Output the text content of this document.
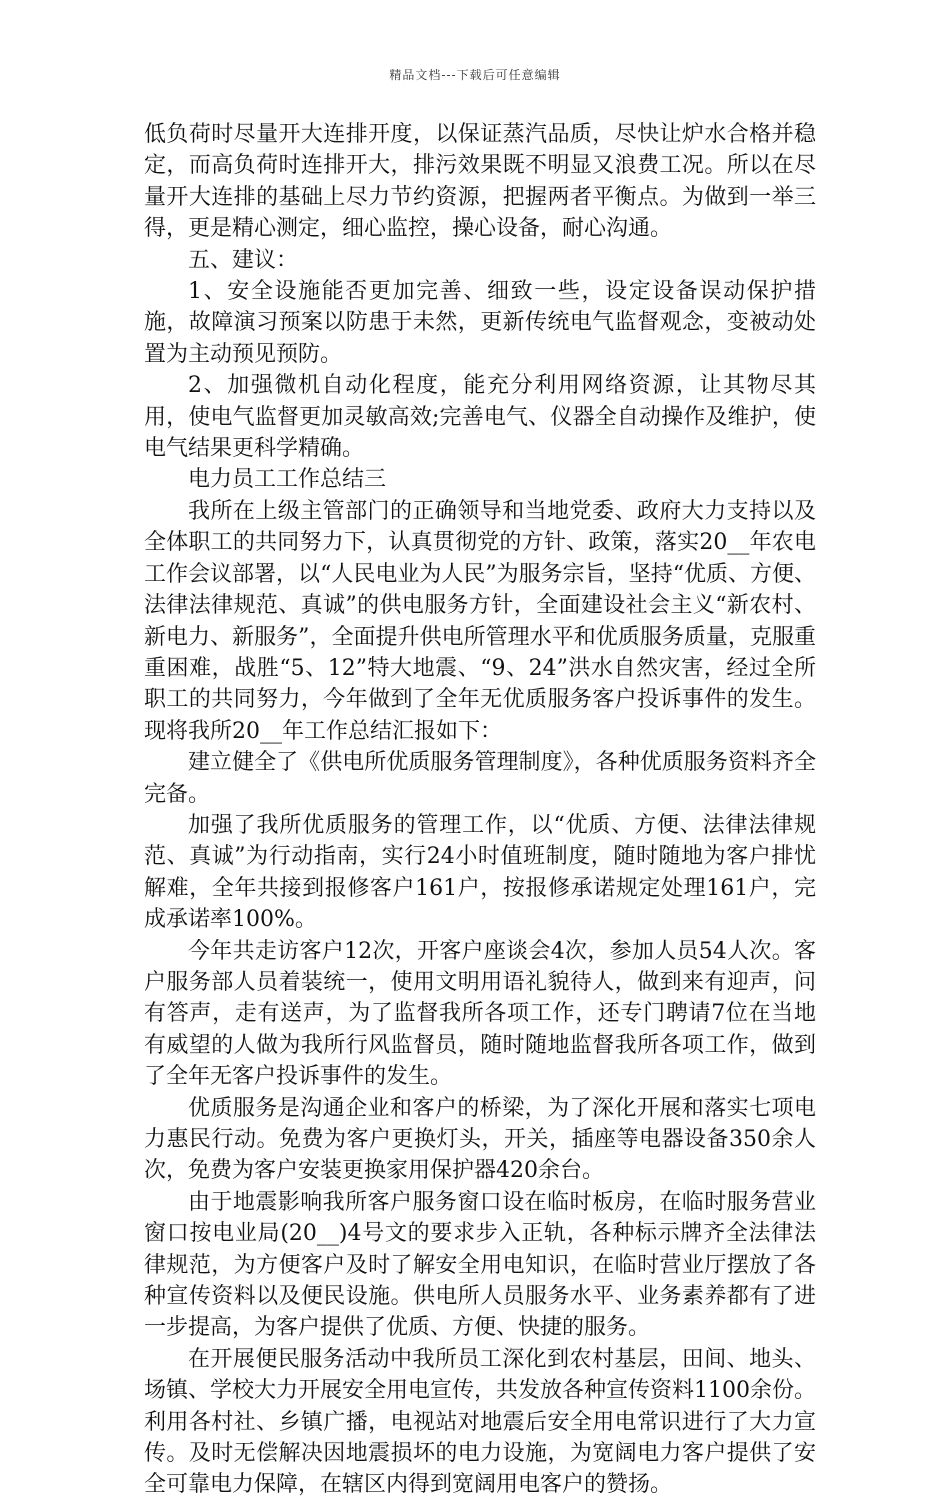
精品文档---下载后可任意编辑

低负荷时尽量开大连排开度，以保证蒸汽品质，尽快让炉水合格并稳定，而高负荷时连排开大，排污效果既不明显又浪费工况。所以在尽量开大连排的基础上尽力节约资源，把握两者平衡点。为做到一举三得，更是精心测定，细心监控，操心设备，耐心沟通。

五、建议：

1、安全设施能否更加完善、细致一些，设定设备误动保护措施，故障演习预案以防患于未然，更新传统电气监督观念，变被动处置为主动预见预防。

2、加强微机自动化程度，能充分利用网络资源，让其物尽其用，使电气监督更加灵敏高效;完善电气、仪器全自动操作及维护，使电气结果更科学精确。

电力员工工作总结三

我所在上级主管部门的正确领导和当地党委、政府大力支持以及全体职工的共同努力下，认真贯彻党的方针、政策，落实20__年农电工作会议部署，以“人民电业为人民”为服务宗旨，坚持“优质、方便、法律法律规范、真诚”的供电服务方针，全面建设社会主义“新农村、新电力、新服务”，全面提升供电所管理水平和优质服务质量，克服重重困难，战胜“5、12”特大地震、“9、24”洪水自然灾害，经过全所职工的共同努力，今年做到了全年无优质服务客户投诉事件的发生。现将我所20__年工作总结汇报如下：

建立健全了《供电所优质服务管理制度》，各种优质服务资料齐全完备。

加强了我所优质服务的管理工作，以“优质、方便、法律法律规范、真诚”为行动指南，实行24小时值班制度，随时随地为客户排忧解难，全年共接到报修客户161户，按报修承诺规定处理161户，完成承诺率100%。

今年共走访客户12次，开客户座谈会4次，参加人员54人次。客户服务部人员着装统一，使用文明用语礼貌待人，做到来有迎声，问有答声，走有送声，为了监督我所各项工作，还专门聘请7位在当地有威望的人做为我所行风监督员，随时随地监督我所各项工作，做到了全年无客户投诉事件的发生。

优质服务是沟通企业和客户的桥梁，为了深化开展和落实七项电力惠民行动。免费为客户更换灯头，开关，插座等电器设备350余人次，免费为客户安装更换家用保护器420余台。

由于地震影响我所客户服务窗口设在临时板房，在临时服务营业窗口按电业局(20__)4号文的要求步入正轨，各种标示牌齐全法律法律规范，为方便客户及时了解安全用电知识，在临时营业厅摆放了各种宣传资料以及便民设施。供电所人员服务水平、业务素养都有了进一步提高，为客户提供了优质、方便、快捷的服务。

在开展便民服务活动中我所员工深化到农村基层，田间、地头、场镇、学校大力开展安全用电宣传，共发放各种宣传资料1100余份。利用各村社、乡镇广播，电视站对地震后安全用电常识进行了大力宣传。及时无偿解决因地震损坏的电力设施，为宽阔电力客户提供了安全可靠电力保障，在辖区内得到宽阔用电客户的赞扬。
